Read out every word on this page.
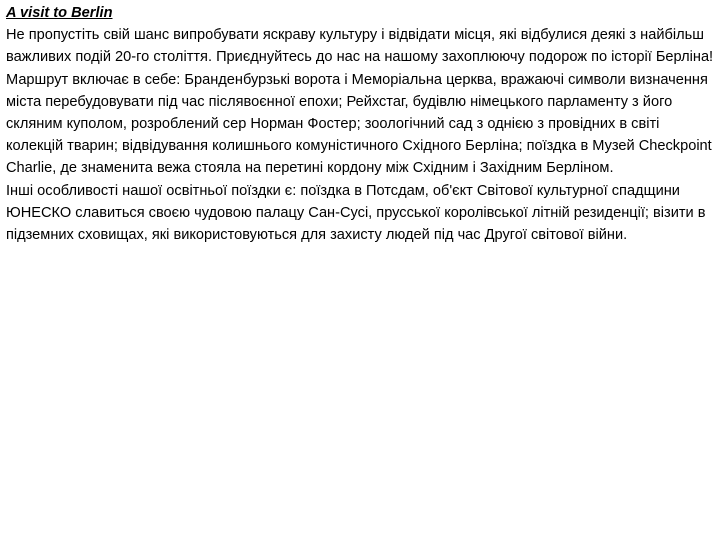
A visit to Berlin

Не пропустіть свій шанс випробувати яскраву культуру і відвідати місця, які відбулися деякі з найбільш важливих подій 20-го століття. Приєднуйтесь до нас на нашому захоплюючу подорож по історії Берліна!

Маршрут включає в себе: Бранденбурзькі ворота і Меморіальна церква, вражаючі символи визначення міста перебудовувати під час післявоєнної епохи; Рейхстаг, будівлю німецького парламенту з його скляним куполом, розроблений сер Норман Фостер; зоологічний сад з однією з провідних в світі колекцій тварин; відвідування колишнього комуністичного Східного Берліна; поїздка в Музей Checkpoint Charlie, де знаменита вежа стояла на перетині кордону між Східним і Західним Берліном.

Інші особливості нашої освітньої поїздки є: поїздка в Потсдам, об'єкт Світової культурної спадщини ЮНЕСКО славиться своєю чудовою палацу Сан-Сусі, прусської королівської літній резиденції; візити в підземних сховищах, які використовуються для захисту людей під час Другої світової війни.
